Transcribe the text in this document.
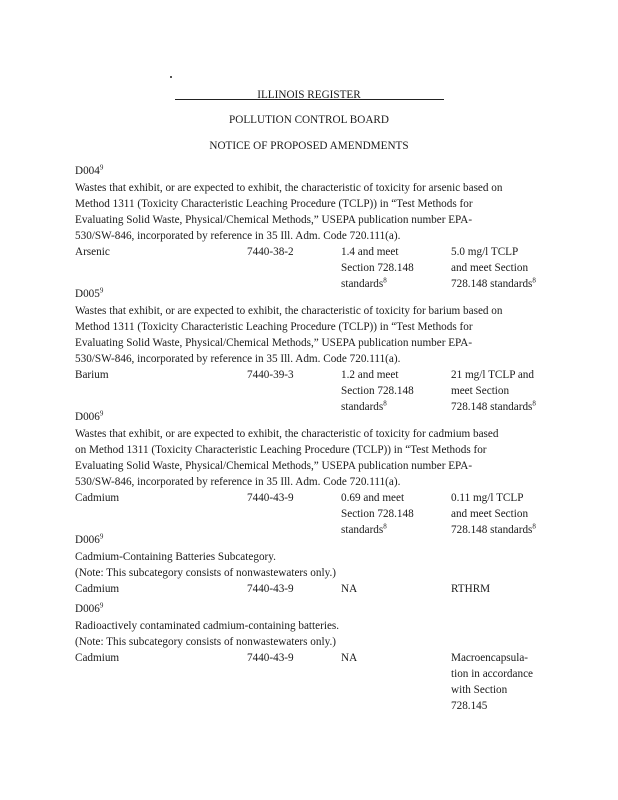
ILLINOIS REGISTER
POLLUTION CONTROL BOARD
NOTICE OF PROPOSED AMENDMENTS
$D004^9$
Wastes that exhibit, or are expected to exhibit, the characteristic of toxicity for arsenic based on
Method 1311 (Toxicity Characteristic Leaching Procedure (TCLP)) in “Test Methods for
Evaluating Solid Waste, Physical/Chemical Methods,” USEPA publication number EPA-
530/SW-846, incorporated by reference in 35 Ill. Adm. Code 720.111(a).
Arsenic	7440-38-2	1.4 and meet	5.0 mg/l TCLP
Section 728.148	and meet Section
standards$^8$	728.148 standards$^8$
$D005^9$
Wastes that exhibit, or are expected to exhibit, the characteristic of toxicity for barium based on
Method 1311 (Toxicity Characteristic Leaching Procedure (TCLP)) in “Test Methods for
Evaluating Solid Waste, Physical/Chemical Methods,” USEPA publication number EPA-
530/SW-846, incorporated by reference in 35 Ill. Adm. Code 720.111(a).
Barium	7440-39-3	1.2 and meet	21 mg/l TCLP and
Section 728.148	meet Section
standards$^8$	728.148 standards$^8$
$D006^9$
Wastes that exhibit, or are expected to exhibit, the characteristic of toxicity for cadmium based
on Method 1311 (Toxicity Characteristic Leaching Procedure (TCLP)) in “Test Methods for
Evaluating Solid Waste, Physical/Chemical Methods,” USEPA publication number EPA-
530/SW-846, incorporated by reference in 35 Ill. Adm. Code 720.111(a).
Cadmium	7440-43-9	0.69 and meet	0.11 mg/l TCLP
Section 728.148	and meet Section
standards$^8$	728.148 standards$^8$
$D006^9$
Cadmium-Containing Batteries Subcategory.
(Note: This subcategory consists of nonwastewaters only.)
Cadmium	7440-43-9	NA	RTHRM
$D006^9$
Radioactively contaminated cadmium-containing batteries.
(Note: This subcategory consists of nonwastewaters only.)
Cadmium	7440-43-9	NA	Macroencapsula-
tion in accordance
with Section
728.145
